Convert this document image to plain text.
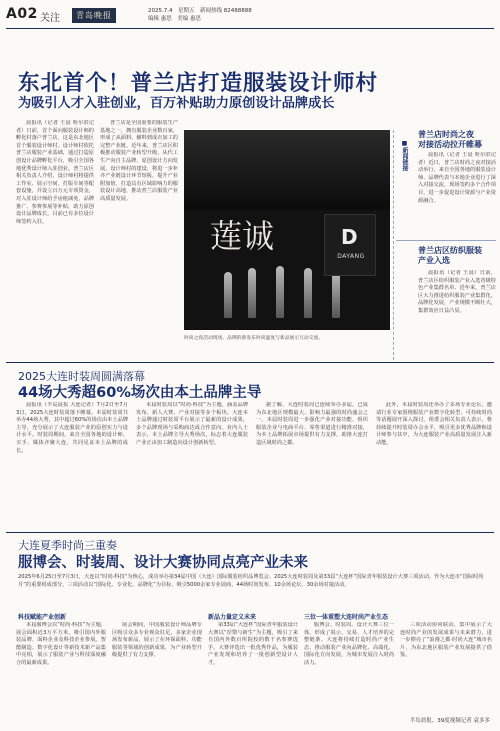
A02 关注	青岛晚报	2025.7.4　星期五　新闻热线 82488888
编辑 惠思　美编 惠思
东北首个！普兰店打造服装设计师村
为吸引人才入驻创业，百万补贴助力原创设计品牌成长

晨报讯（记者 王晨 哈尔滨记者）日前，首个面向服装设计师的孵化村落户普兰店，这是东北地区首个服装设计师村。设计师村依托普兰店服装产业基础，通过打造原创设计品牌孵化平台，吸引全国各地优秀设计师入驻创业。普兰店区相关负责人介绍，设计师村将提供工作室、展示空间、打版车间等配套设施，并设立百万元专项资金，对入驻设计师给予房租减免、品牌推广、参赛参展等补贴，助力原创设计品牌成长。目前已有多位设计师签约入驻。

普兰店是全国重要的服装生产基地之一，拥有服装企业数百家，形成了从面料、辅料到成衣加工的完整产业链。近年来，普兰店区积极推动服装产业转型升级，从代工生产向自主品牌、原创设计方向发展。设计师村的建设，将进一步补齐产业链设计环节短板，提升产业附加值，打造具有区域影响力的服装设计高地，推动普兰店服装产业高质量发展。

莲诚	D
DAYANG
时尚之夜活动现场，品牌的新发布时尚温度与新品展示互动交流。
■新闻链接
普兰店时尚之夜
对接活动拉开帷幕

晨报讯（记者 王晨 哈尔滨记者）近日，普兰店时尚之夜对接活动举行，来自全国各地的服装设计师、品牌代表与本地企业进行了深入对接交流，现场签约多个合作项目，进一步促进设计资源与产业资源融合。

普兰店区纺织服装
产业入选

晨报讯（记者 王晨）日前，普兰店区纺织服装产业入选省级特色产业集群名单。近年来，普兰店区大力推进纺织服装产业集群化、品牌化发展，产业规模不断壮大，集群效应日益凸显。

2025大连时装周圆满落幕
44场大秀超60%场次由本土品牌主导

晨报讯（半岛晨报 大连记者）7月2日至7月3日，2025大连时装周落下帷幕。本届时装周共举办44场大秀，其中超过60%的场次由本土品牌主导，充分展示了大连服装产业的原创实力与设计水平。时装周期间，来自全国各地的设计师、买手、媒体齐聚大连，共同见证本土品牌的成长。

本届时装周以“时尚·科技”为主题，涵盖品牌发布、新人大赛、产业对接等多个板块。大连本土品牌通过时装周平台展示了最新的设计成果，多个品牌现场与采购商达成合作意向。业内人士表示，本土品牌主导大秀场次，标志着大连服装产业正由加工制造向设计创新转型。

据了解，大连时装周已连续举办多届，已成为东北地区规模最大、影响力最强的时尚盛会之一。本届时装周进一步强化产业对接功能，组织服装企业与电商平台、零售渠道进行精准对接，为本土品牌拓展市场提供有力支撑，助推大连打造区域时尚之都。

此外，本届时装周还举办了多场专业论坛，邀请行业专家围绕服装产业数字化转型、可持续时尚等话题展开深入探讨。组委会相关负责人表示，将持续提升时装周办会水平，吸引更多优秀品牌和设计师参与其中，为大连服装产业高质量发展注入新动能。

大连夏季时尚三重奏
服博会、时装周、设计大赛协同点亮产业未来
2025年6月25日至7月3日，大连以“时尚·科技”为核心，成功举办第34届中国（大连）国际服装纺织品博览会、2025大连时装周及第33届“大连杯”国际青年服装设计大赛三项活动。作为大连市“国际时尚月”的重要组成部分，三项活动以“国际化、专业化、品牌化”为目标，吸引5000余家专业展商、44场时尚发布、10余场论坛、30余场对接活动。
科技赋能产业创新	新品力量定义未来	三位一体重塑大连时尚产业生态

本届服博会以“时尚·科技”为主题，展会面积近3万平方米，吸引国内外服装品牌、面料企业及科技企业参展。智能制造、数字化设计等新技术新产品集中亮相，展示了服装产业与科技深度融合的最新成果。

展会期间，中国服装设计师品牌专区吸引众多专业观众驻足。多家企业现场发布新品，展示了在环保面料、功能服装等领域的创新成果，为产业转型升级提供了有力支撑。

第33届“大连杯”国际青年服装设计大赛以“涅槃与新生”为主题，吸引了来自国内外数百所院校的数千名参赛选手。大赛评选出一批优秀作品，为服装产业发现和培养了一批创新型设计人才。

服博会、时装周、设计大赛三位一体，形成了展示、交易、人才培养的完整链条。大连将持续打造时尚产业生态，推动服装产业向品牌化、高端化、国际化方向发展，为城市发展注入时尚活力。

三项活动协同联动，集中展示了大连时尚产业的发展成果与未来潜力，进一步擦亮了“浪漫之都·时尚大连”城市名片，为东北地区服装产业发展提供了借鉴。

半岛晨报、39度视频记者 袁多多
